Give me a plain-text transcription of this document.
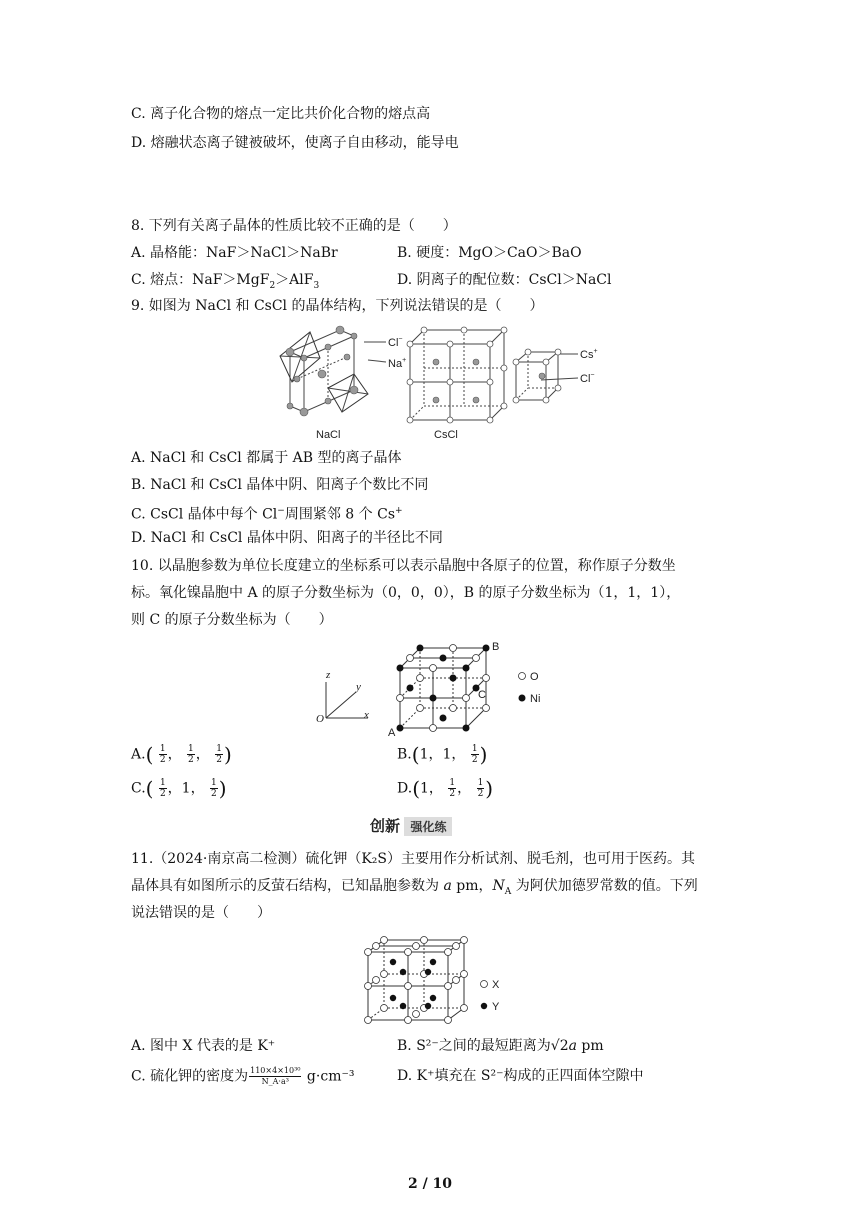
C. 离子化合物的熔点一定比共价化合物的熔点高
D. 熔融状态离子键被破坏，使离子自由移动，能导电
8. 下列有关离子晶体的性质比较不正确的是（　　）
A. 晶格能：NaF＞NaCl＞NaBr	B. 硬度：MgO＞CaO＞BaO
C. 熔点：NaF＞MgF$_2$＞AlF$_3$	D. 阴离子的配位数：CsCl＞NaCl
9. 如图为 NaCl 和 CsCl 的晶体结构，下列说法错误的是（　　）
Cl−
Na+
NaCl	CsCl
Cs+
Cl−
A. NaCl 和 CsCl 都属于 AB 型的离子晶体
B. NaCl 和 CsCl 晶体中阴、阳离子个数比不同
C. CsCl 晶体中每个 Cl−周围紧邻 8 个 Cs+
D. NaCl 和 CsCl 晶体中阴、阳离子的半径比不同
10. 以晶胞参数为单位长度建立的坐标系可以表示晶胞中各原子的位置，称作原子分数坐
标。氧化镍晶胞中 A 的原子分数坐标为（0，0，0），B 的原子分数坐标为（1，1，1），
则 C 的原子分数坐标为（　　）
z
y
x
O
A
B
C
O
Ni
$A.( \frac{1}{2}$ ， $\frac{1}{2}$ ， $\frac{1}{2}$ )	B.(1，1， $\frac{1}{2}$ )
$C.( \frac{1}{2}$ ，1， $\frac{1}{2}$ )	D.(1， $\frac{1}{2}$ ， $\frac{1}{2}$ )
创新 强化练
11.（2024·南京高二检测）硫化钾（K₂S）主要用作分析试剂、脱毛剂，也可用于医药。其
晶体具有如图所示的反萤石结构，已知晶胞参数为 a pm，$N_A$ 为阿伏加德罗常数的值。下列
说法错误的是（　　）
X
Y
A. 图中 X 代表的是 K⁺	B. S²⁻之间的最短距离为√2a pm
C. 硫化钾的密度为 $\frac{\text{110×4×10³⁰}}{\text{N\_A·a³}} g\cdot cm^{-3}$	D. K⁺填充在 S²⁻构成的正四面体空隙中
2 / 10
